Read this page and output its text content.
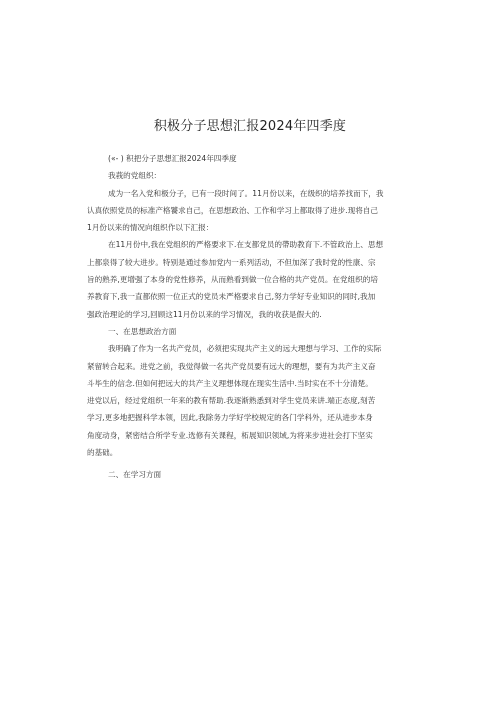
积极分子思想汇报2024年四季度
(«- ) 积把分子思想汇报2024年四季度
我莪的党组织：
成为一名入党和极分子，已有一段时间了。11月份以来，在级织的培养找而下，我
认真依照党员的标准产格饕求自己，在思想政治、工作和学习上都取得了进步.现将自己
1月份以来的情况向组织作以下汇报：
在11月份中,我在党组织的严格要求下.在支都党员的帶助教育下.不管政治上、思想
上都泉得了较大进步。特别是通过参加党内一系列活动，不但加深了我时党的性康、宗
旨的熟养,更增强了本身的党性修养，从而熟看到做一位合格的共产党员。在党组织的培
养教育下,我一直都依照一位正式的党员未严格要求自己,努力学好专业知识的同时,我加
强政治理论的学习,回顾这11月份以来的学习情况，我的收获是假大的.
一、在思想政治方面
我明确了作为一名共产党员，必须把实现共产主义的远大理想与学习、工作的实际
紧留转合起来。进党之前，我觉得做一名共产党员要有远大的理想，要有为共产主义奋
斗毕生的信念.但如何把远大的共产主义理想体现在现实生活中.当时实在不十分清楚。
进党以后，经过党组织一年来的教有帮助.我逐渐熟悉到对学生党员来讲.端正态度,刻苦
学习,更多地把握科学本领，因此,我除务力学好学校规定的各门学科外，还从进步本身
角度动身，紧密结合所学专业.选修有关课程，柘展知识领域,为将来步进社会打下坚实
的基础。
二、在学习方面
